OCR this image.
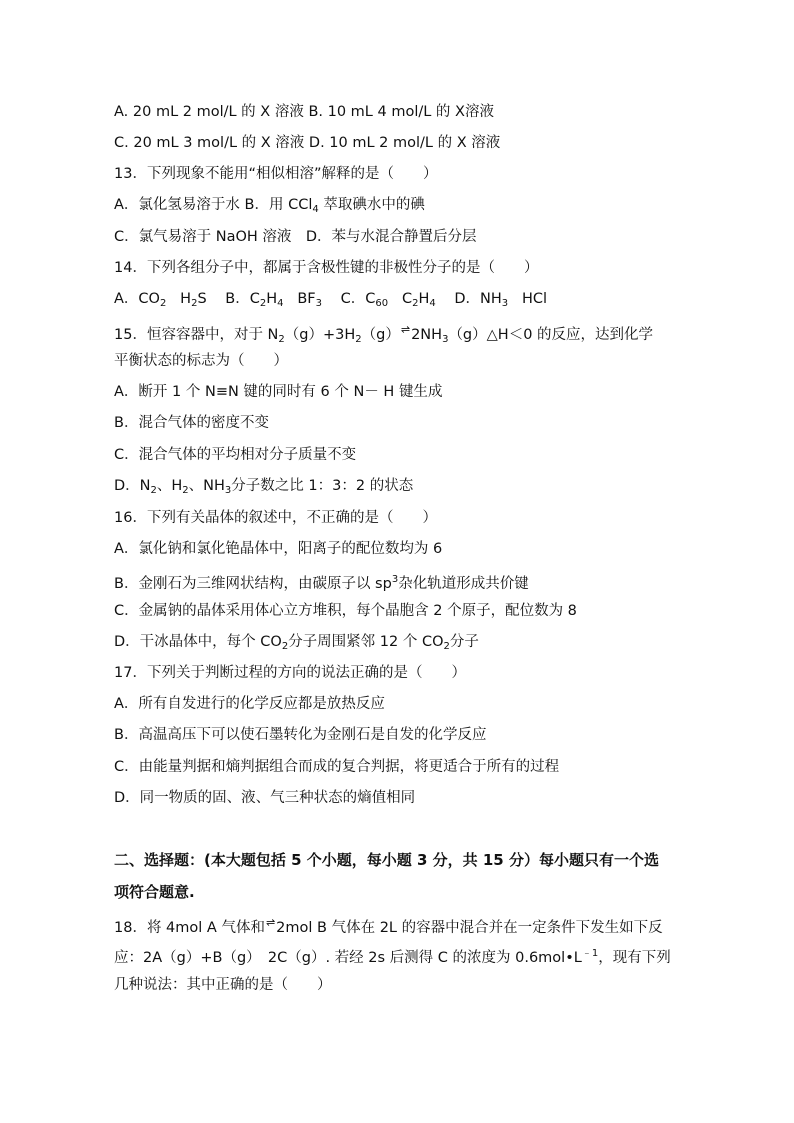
A. 20 mL 2 mol/L 的 X 溶液 B. 10 mL 4 mol/L 的 X溶液
C. 20 mL 3 mol/L 的 X 溶液 D. 10 mL 2 mol/L 的 X 溶液
13．下列现象不能用“相似相溶”解释的是（　　）
A．氯化氢易溶于水 B．用 CCl$_4$ 萃取碘水中的碘
C．氯气易溶于 NaOH 溶液　D．苯与水混合静置后分层
14．下列各组分子中，都属于含极性键的非极性分子的是（　　）
A．$CO_2$ $H_2S$ B．$C_2H_4$ $BF_3$ C．$C_{60}$ $C_2H_4$ D．$NH_3$ HCl
15．恒容容器中，对于 $N_2(g)+3H_2(g)\rightleftharpoons 2NH_3(g)\triangle H<0$ 的反应，达到化学
平衡状态的标志为（　　）
A．断开 1 个 N≡N 键的同时有 6 个 N－ H 键生成
B．混合气体的密度不变
C．混合气体的平均相对分子质量不变
D．$N_2$、$H_2$、$NH_3$分子数之比 1：3：2 的状态
16．下列有关晶体的叙述中，不正确的是（　　）
A．氯化钠和氯化铯晶体中，阳离子的配位数均为 6
B．金刚石为三维网状结构，由碳原子以 $sp^3$杂化轨道形成共价键
C．金属钠的晶体采用体心立方堆积，每个晶胞含 2 个原子，配位数为 8
D．干冰晶体中，每个 $CO_2$分子周围紧邻 12 个 $CO_2$分子
17．下列关于判断过程的方向的说法正确的是（　　）
A．所有自发进行的化学反应都是放热反应
B．高温高压下可以使石墨转化为金刚石是自发的化学反应
C．由能量判据和熵判据组合而成的复合判据，将更适合于所有的过程
D．同一物质的固、液、气三种状态的熵值相同
二、选择题：(本大题包括 5 个小题，每小题 3 分，共 15 分）每小题只有一个选
项符合题意.
18．将 4mol A 气体和⇌2mol B 气体在 2L 的容器中混合并在一定条件下发生如下反
应：2A（g）+B（g）　2C（g）. 若经 2s 后测得 C 的浓度为 $0.6mol•L^{﹣1}$，现有下列
几种说法：其中正确的是（　　）
